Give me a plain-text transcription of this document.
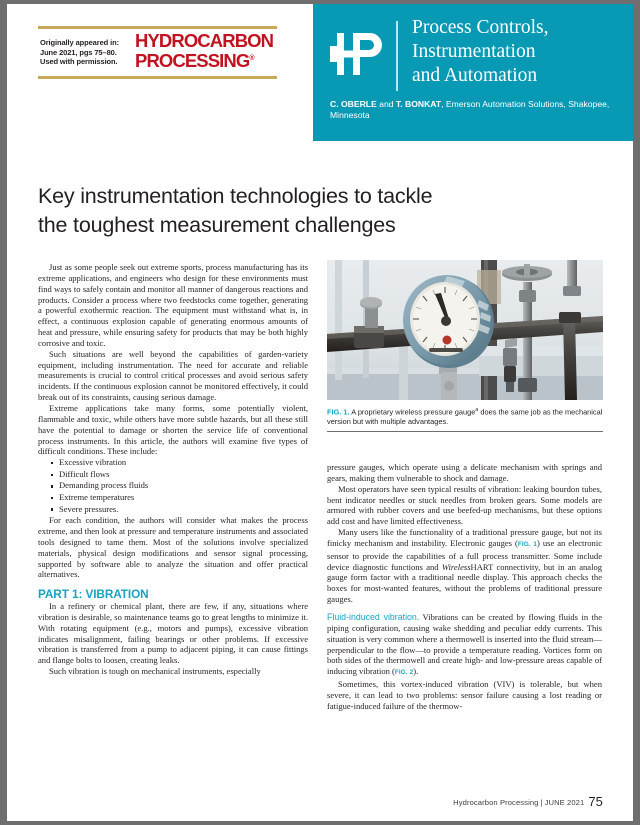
Originally appeared in:
June 2021, pgs 75–80.
Used with permission.
HYDROCARBON
PROCESSING®
Process Controls,
Instrumentation
and Automation
C. OBERLE and T. BONKAT, Emerson Automation Solutions, Shakopee, Minnesota
Key instrumentation technologies to tackle
the toughest measurement challenges

Just as some people seek out extreme sports, process manufacturing has its extreme applications, and engineers who design for these environments must find ways to safely contain and monitor all manner of dangerous reactions and products. Consider a process where two feedstocks come together, generating a powerful exothermic reaction. The equipment must withstand what is, in effect, a continuous explosion capable of generating enormous amounts of heat and pressure, while ensuring safety for products that may be both highly corrosive and toxic.

Such situations are well beyond the capabilities of garden-variety equipment, including instrumentation. The need for accurate and reliable measurements is crucial to control critical processes and avoid serious safety incidents. If the continuous explosion cannot be monitored effectively, it could break out of its constraints, causing serious damage.

Extreme applications take many forms, some potentially violent, flammable and toxic, while others have more subtle hazards, but all these still have the potential to damage or shorten the service life of conventional process instruments. In this article, the authors will examine five types of difficult conditions. These include:

Excessive vibration
Difficult flows
Demanding process fluids
Extreme temperatures
Severe pressures.

For each condition, the authors will consider what makes the process extreme, and then look at pressure and temperature instruments and associated tools designed to tame them. Most of the solutions involve specialized materials, physical design modifications and sensor signal processing, supported by software able to analyze the situation and offer practical alternatives.

PART 1: VIBRATION

In a refinery or chemical plant, there are few, if any, situations where vibration is desirable, so maintenance teams go to great lengths to minimize it. With rotating equipment (e.g., motors and pumps), excessive vibration indicates misalignment, failing bearings or other problems. If excessive vibration is transferred from a pump to adjacent piping, it can cause fittings and flange bolts to loosen, creating leaks.

Such vibration is tough on mechanical instruments, especially

FIG. 1. A proprietary wireless pressure gauge$^a$ does the same job as the mechanical version but with multiple advantages.

pressure gauges, which operate using a delicate mechanism with springs and gears, making them vulnerable to shock and damage.

Most operators have seen typical results of vibration: leaking bourdon tubes, bent indicator needles or stuck needles from broken gears. Some models are armored with rubber covers and use beefed-up mechanisms, but these options add cost and have limited effectiveness.

Many users like the functionality of a traditional pressure gauge, but not its finicky mechanism and instability. Electronic gauges (FIG. 1) use an electronic sensor to provide the capabilities of a full process transmitter. Some include device diagnostic functions and WirelessHART connectivity, but in an analog gauge form factor with a traditional needle display. This approach checks the boxes for most-wanted features, without the problems of traditional pressure gauges.

Fluid-induced vibration. Vibrations can be created by flowing fluids in the piping configuration, causing wake shedding and peculiar eddy currents. This situation is very common where a thermowell is inserted into the fluid stream—perpendicular to the flow—to provide a temperature reading. Vortices form on both sides of the thermowell and create high- and low-pressure areas capable of inducing vibration (FIG. 2).

Sometimes, this vortex-induced vibration (VIV) is tolerable, but when severe, it can lead to two problems: sensor failure causing a lost reading or fatigue-induced failure of the thermow-

Hydrocarbon Processing | JUNE 2021 75
